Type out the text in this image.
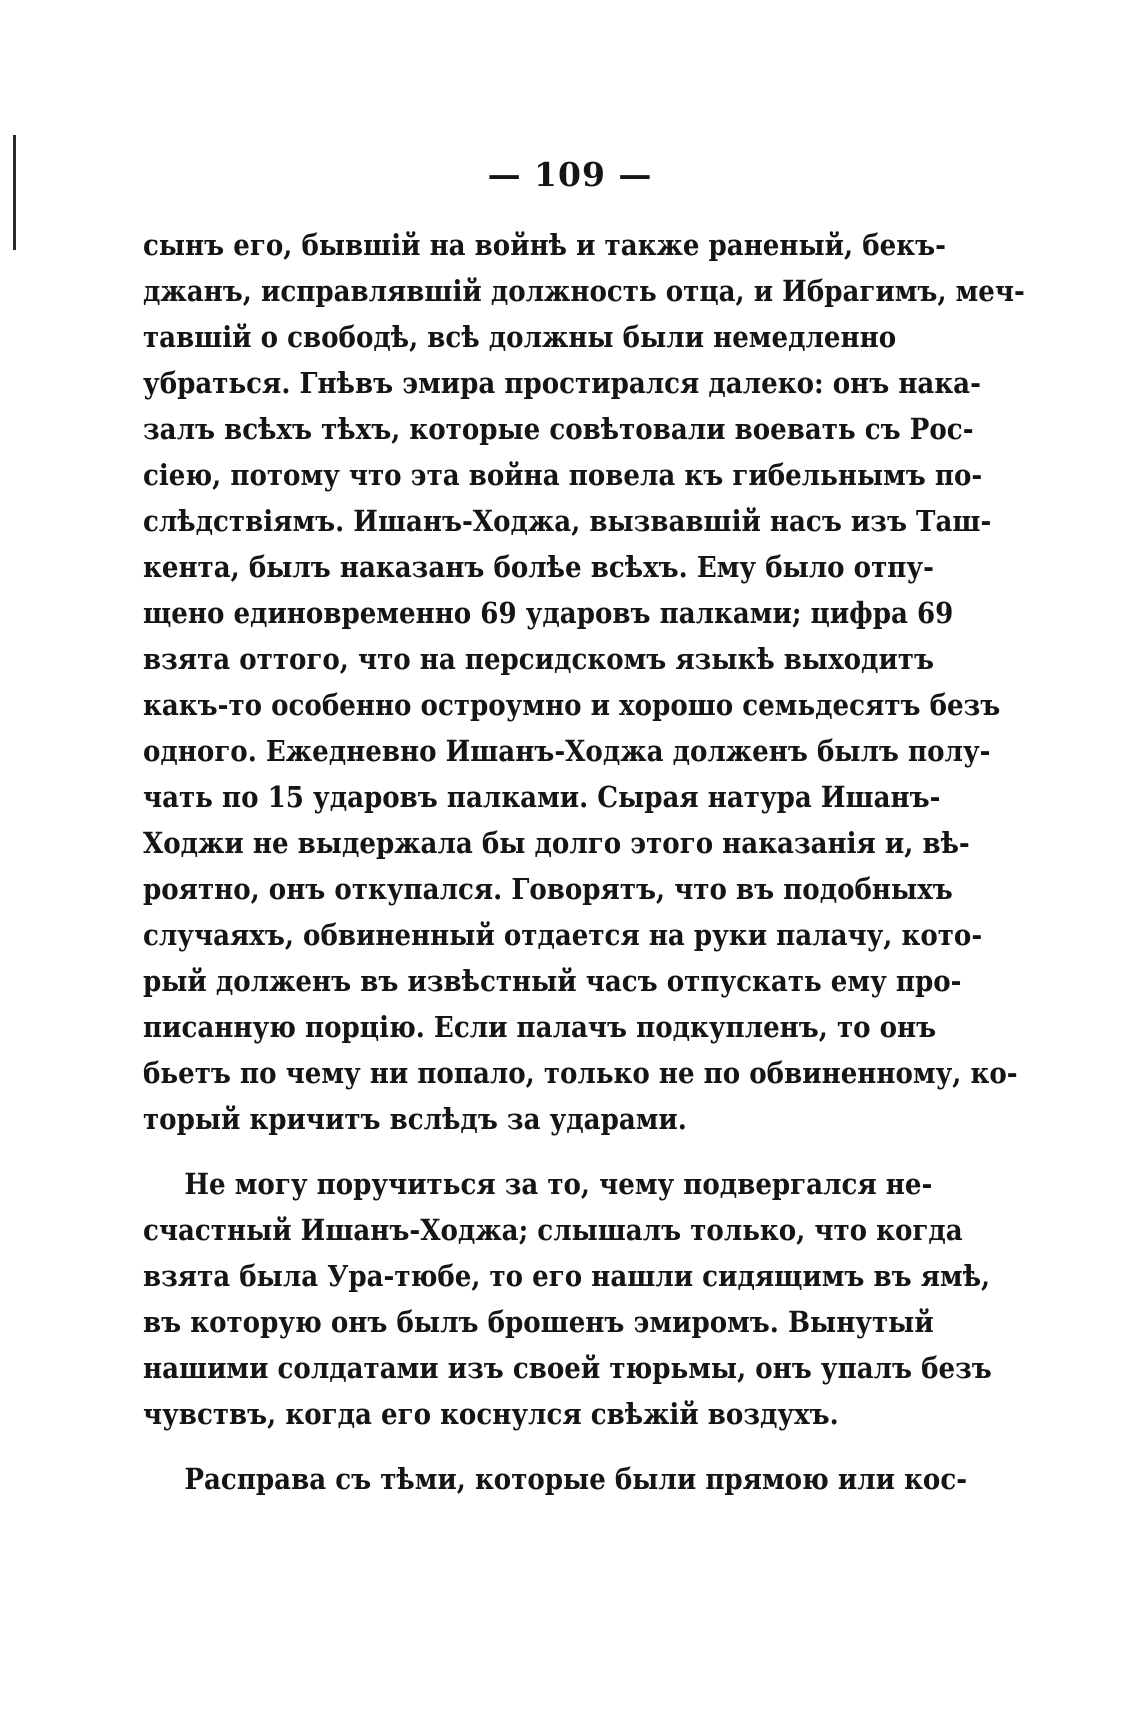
— 109 —
сынъ его, бывшій на войнѣ и также раненый, бекъ-
джанъ, исправлявшій должность отца, и Ибрагимъ, меч-
тавшій о свободѣ, всѣ должны были немедленно
убраться. Гнѣвъ эмира простирался далеко: онъ нака-
залъ всѣхъ тѣхъ, которые совѣтовали воевать съ Рос-
сіею, потому что эта война повела къ гибельнымъ по-
слѣдствіямъ. Ишанъ-Ходжа, вызвавшій насъ изъ Таш-
кента, былъ наказанъ болѣе всѣхъ. Ему было отпу-
щено единовременно 69 ударовъ палками; цифра 69
взята оттого, что на персидскомъ языкѣ выходитъ
какъ-то особенно остроумно и хорошо семьдесятъ безъ
одного. Ежедневно Ишанъ-Ходжа долженъ былъ полу-
чать по 15 ударовъ палками. Сырая натура Ишанъ-
Ходжи не выдержала бы долго этого наказанія и, вѣ-
роятно, онъ откупался. Говорятъ, что въ подобныхъ
случаяхъ, обвиненный отдается на руки палачу, кото-
рый долженъ въ извѣстный часъ отпускать ему про-
писанную порцію. Если палачъ подкупленъ, то онъ
бьетъ по чему ни попало, только не по обвиненному, ко-
торый кричитъ вслѣдъ за ударами.
Не могу поручиться за то, чему подвергался не-
счастный Ишанъ-Ходжа; слышалъ только, что когда
взята была Ура-тюбе, то его нашли сидящимъ въ ямѣ,
въ которую онъ былъ брошенъ эмиромъ. Вынутый
нашими солдатами изъ своей тюрьмы, онъ упалъ безъ
чувствъ, когда его коснулся свѣжій воздухъ.
Расправа съ тѣми, которые были прямою или кос-
